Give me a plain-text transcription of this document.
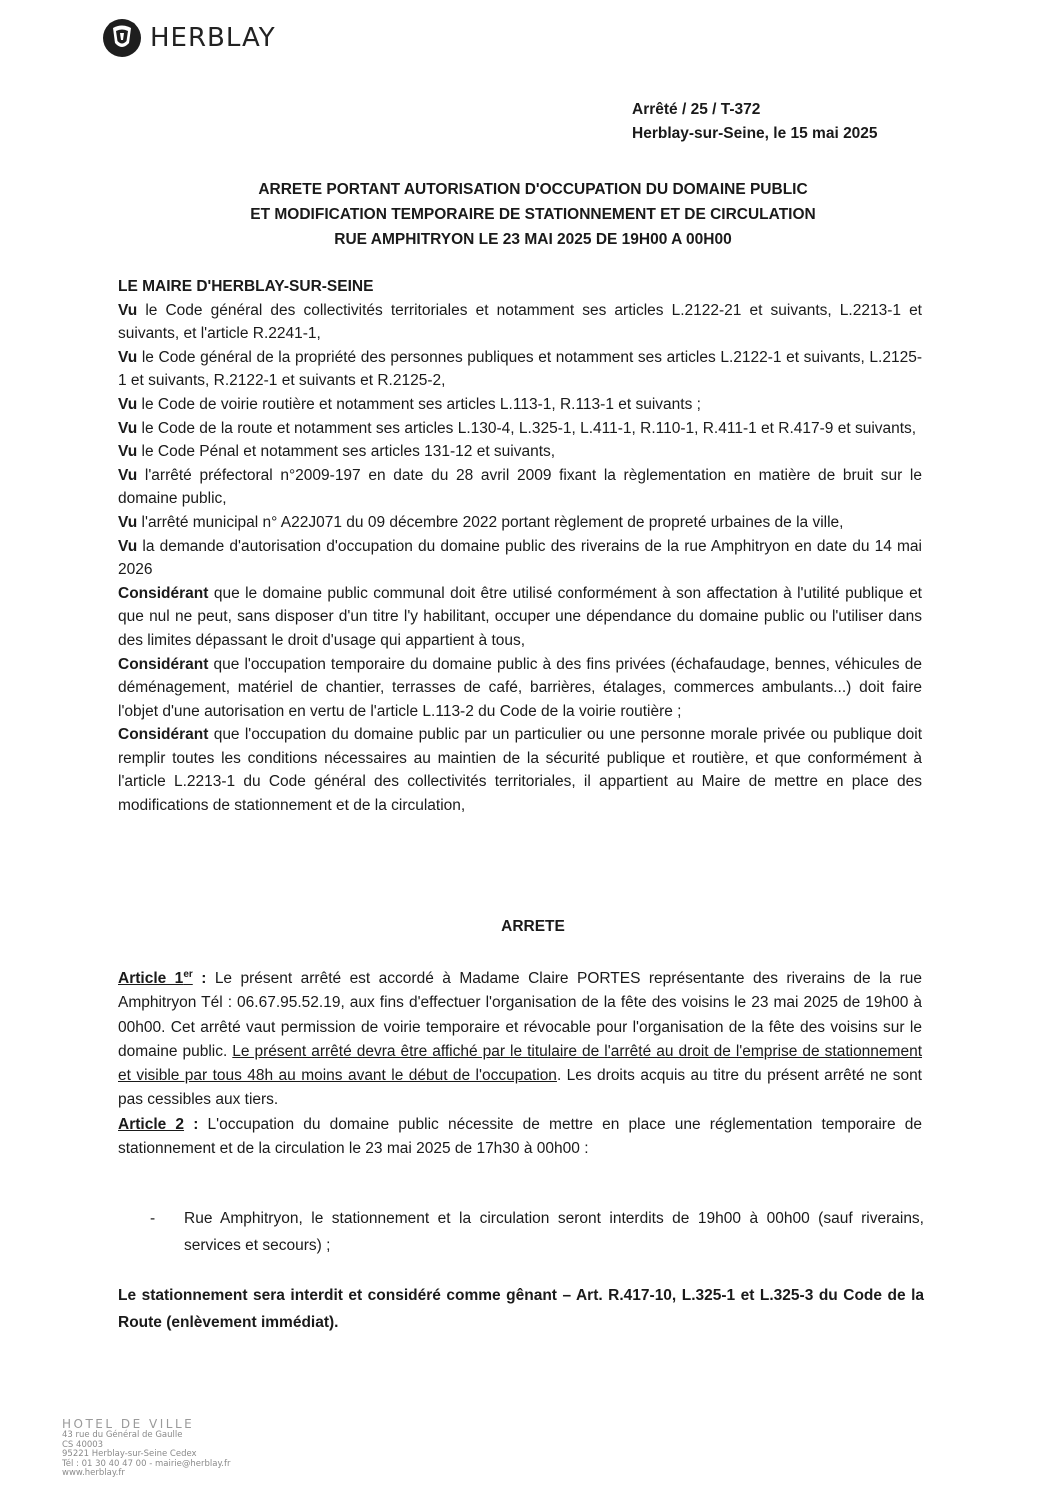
HERBLAY
Arrêté / 25 / T-372
Herblay-sur-Seine, le 15 mai 2025
ARRETE PORTANT AUTORISATION D'OCCUPATION DU DOMAINE PUBLIC
ET MODIFICATION TEMPORAIRE DE STATIONNEMENT ET DE CIRCULATION
RUE AMPHITRYON LE 23 MAI 2025 DE 19H00 A 00H00

LE MAIRE D'HERBLAY-SUR-SEINE

Vu le Code général des collectivités territoriales et notamment ses articles L.2122-21 et suivants, L.2213-1 et suivants, et l'article R.2241-1,

Vu le Code général de la propriété des personnes publiques et notamment ses articles L.2122-1 et suivants, L.2125-1 et suivants, R.2122-1 et suivants et R.2125-2,

Vu le Code de voirie routière et notamment ses articles L.113-1, R.113-1 et suivants ;

Vu le Code de la route et notamment ses articles L.130-4, L.325-1, L.411-1, R.110-1, R.411-1 et R.417-9 et suivants,

Vu le Code Pénal et notamment ses articles 131-12 et suivants,

Vu l'arrêté préfectoral n°2009-197 en date du 28 avril 2009 fixant la règlementation en matière de bruit sur le domaine public,

Vu l'arrêté municipal n° A22J071 du 09 décembre 2022 portant règlement de propreté urbaines de la ville,

Vu la demande d'autorisation d'occupation du domaine public des riverains de la rue Amphitryon en date du 14 mai 2026

Considérant que le domaine public communal doit être utilisé conformément à son affectation à l'utilité publique et que nul ne peut, sans disposer d'un titre l'y habilitant, occuper une dépendance du domaine public ou l'utiliser dans des limites dépassant le droit d'usage qui appartient à tous,

Considérant que l'occupation temporaire du domaine public à des fins privées (échafaudage, bennes, véhicules de déménagement, matériel de chantier, terrasses de café, barrières, étalages, commerces ambulants...) doit faire l'objet d'une autorisation en vertu de l'article L.113-2 du Code de la voirie routière ;

Considérant que l'occupation du domaine public par un particulier ou une personne morale privée ou publique doit remplir toutes les conditions nécessaires au maintien de la sécurité publique et routière, et que conformément à l'article L.2213-1 du Code général des collectivités territoriales, il appartient au Maire de mettre en place des modifications de stationnement et de la circulation,

ARRETE

Article 1er : Le présent arrêté est accordé à Madame Claire PORTES représentante des riverains de la rue Amphitryon Tél : 06.67.95.52.19, aux fins d'effectuer l'organisation de la fête des voisins le 23 mai 2025 de 19h00 à 00h00. Cet arrêté vaut permission de voirie temporaire et révocable pour l'organisation de la fête des voisins sur le domaine public. Le présent arrêté devra être affiché par le titulaire de l'arrêté au droit de l'emprise de stationnement et visible par tous 48h au moins avant le début de l'occupation. Les droits acquis au titre du présent arrêté ne sont pas cessibles aux tiers.

Article 2 : L'occupation du domaine public nécessite de mettre en place une réglementation temporaire de stationnement et de la circulation le 23 mai 2025 de 17h30 à 00h00 :

- Rue Amphitryon, le stationnement et la circulation seront interdits de 19h00 à 00h00 (sauf riverains, services et secours) ;
Le stationnement sera interdit et considéré comme gênant – Art. R.417-10, L.325-1 et L.325-3 du Code de la Route (enlèvement immédiat).
HOTEL DE VILLE
43 rue du Général de Gaulle
CS 40003
95221 Herblay-sur-Seine Cedex
Tél : 01 30 40 47 00 - mairie@herblay.fr
www.herblay.fr
